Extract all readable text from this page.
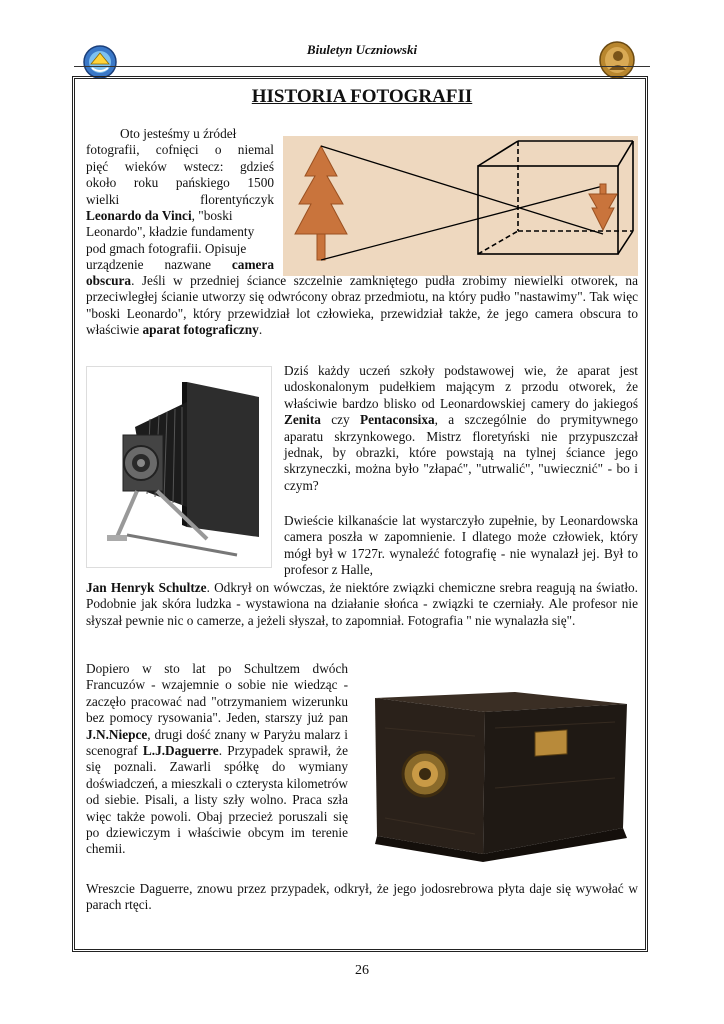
Biuletyn Uczniowski
HISTORIA FOTOGRAFII
Oto jesteśmy u źródeł
fotografii, cofnięci o niemal
pięć wieków wstecz: gdzieś
około roku pańskiego 1500
wielki florentyńczyk
Leonardo da Vinci, "boski
Leonardo", kładzie fundamenty
pod gmach fotografii. Opisuje
urządzenie nazwane camera
obscura. Jeśli w przedniej ściance szczelnie zamkniętego pudła zrobimy niewielki otworek, na przeciwległej ścianie utworzy się odwrócony obraz przedmiotu, na który pudło "nastawimy". Tak więc "boski Leonardo", który przewidział lot człowieka, przewidział także, że jego camera obscura to właściwie aparat fotograficzny.
Dziś każdy uczeń szkoły podstawowej wie, że aparat jest udoskonalonym pudełkiem mającym z przodu otworek, że właściwie bardzo blisko od Leonardowskiej camery do jakiegoś Zenita czy Pentaconsixa, a szczególnie do prymitywnego aparatu skrzynkowego. Mistrz floretyński nie przypuszczał jednak, by obrazki, które powstają na tylnej ściance jego skrzyneczki, można było "złapać", "utrwalić", "uwiecznić" - bo i czym?
Dwieście kilkanaście lat wystarczyło zupełnie, by Leonardowska camera poszła w zapomnienie. I dlatego może człowiek, który mógł był w 1727r. wynaleźć fotografię - nie wynalazł jej. Był to profesor z Halle,
Jan Henryk Schultze. Odkrył on wówczas, że niektóre związki chemiczne srebra reagują na światło. Podobnie jak skóra ludzka - wystawiona na działanie słońca - związki te czerniały. Ale profesor nie słyszał pewnie nic o camerze, a jeżeli słyszał, to zapomniał. Fotografia " nie wynalazła się".
Dopiero w sto lat po Schultzem dwóch Francuzów - wzajemnie o sobie nie wiedząc - zaczęło pracować nad "otrzymaniem wizerunku bez pomocy rysowania". Jeden, starszy już pan J.N.Niepce, drugi dość znany w Paryżu malarz i scenograf L.J.Daguerre. Przypadek sprawił, że się poznali. Zawarli spółkę do wymiany doświadczeń, a mieszkali o czterysta kilometrów od siebie. Pisali, a listy szły wolno. Praca szła więc także powoli. Obaj przecież poruszali się po dziewiczym i właściwie obcym im terenie chemii.
Wreszcie Daguerre, znowu przez przypadek, odkrył, że jego jodosrebrowa płyta daje się wywołać w parach rtęci.
26
